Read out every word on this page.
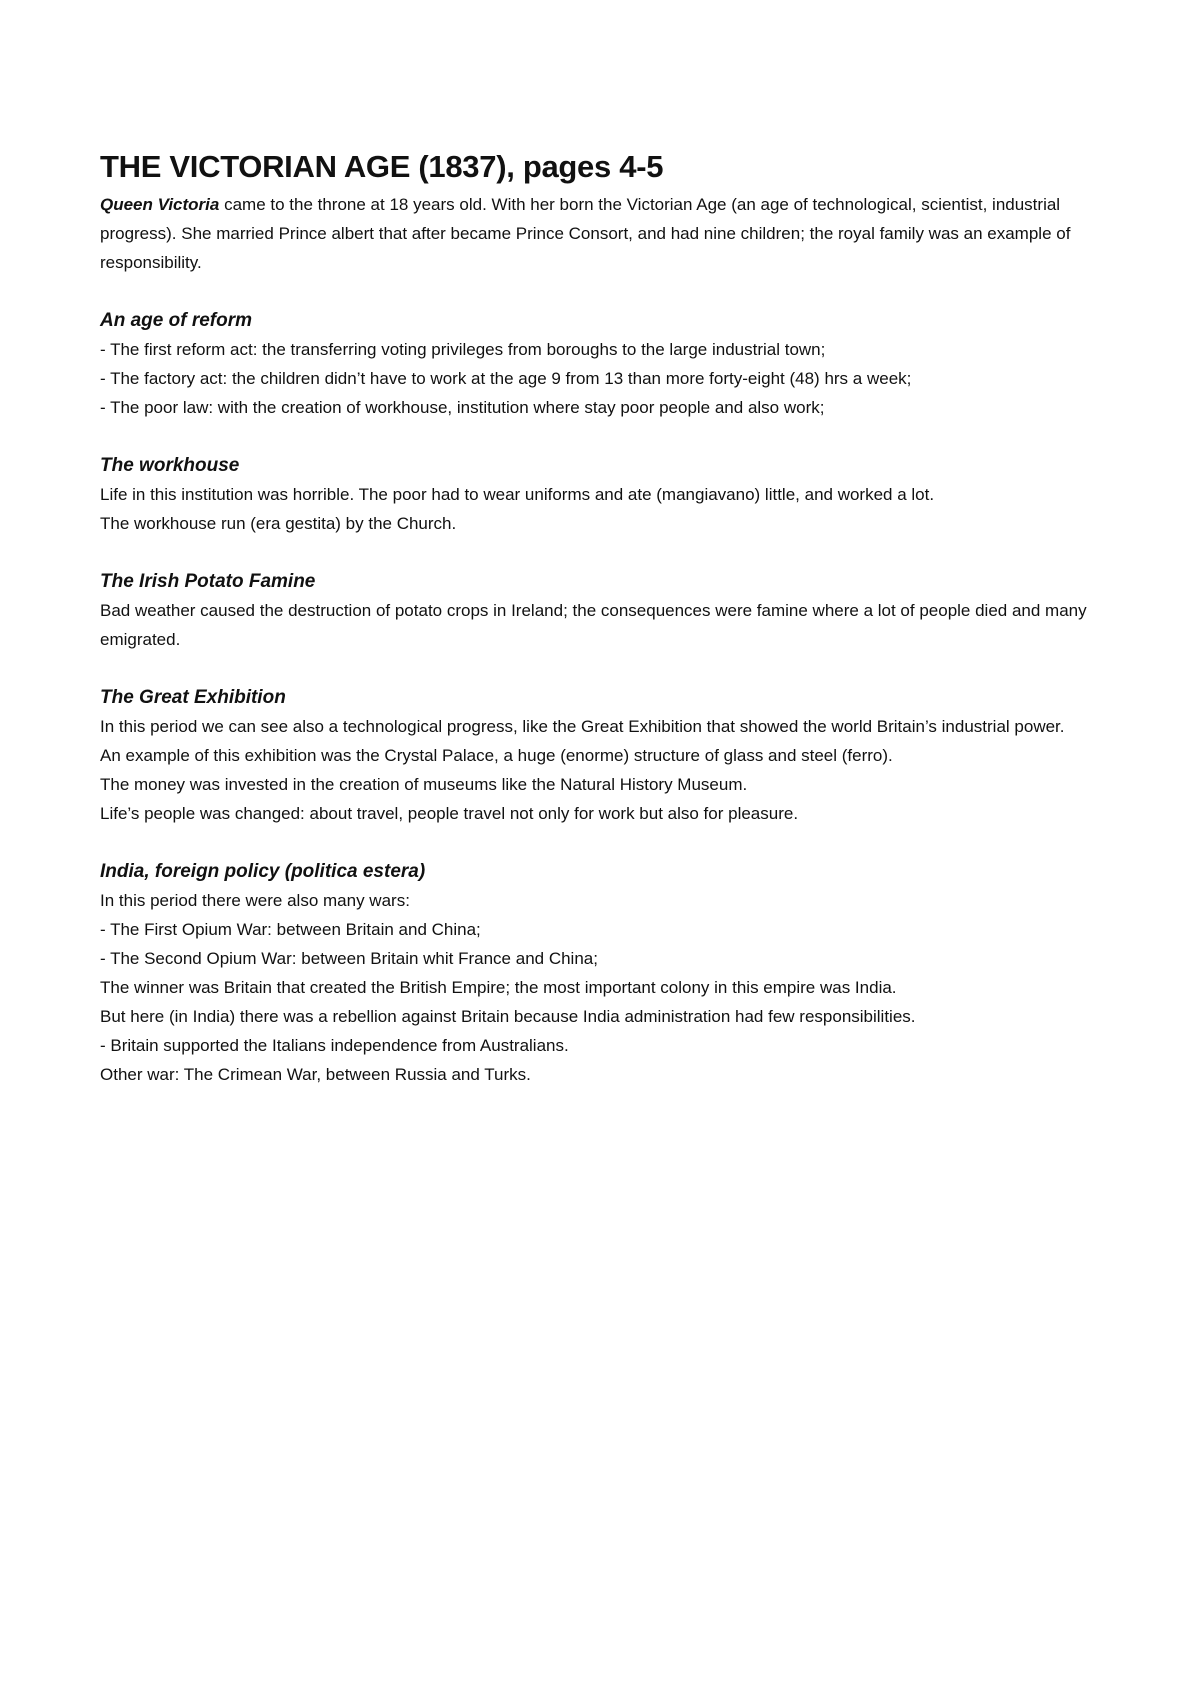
THE VICTORIAN AGE (1837), pages 4-5

Queen Victoria came to the throne at 18 years old. With her born the Victorian Age (an age of technological, scientist, industrial progress). She married Prince albert that after became Prince Consort, and had nine children; the royal family was an example of responsibility.

An age of reform

- The first reform act: the transferring voting privileges from boroughs to the large industrial town;

- The factory act: the children didn’t have to work at the age 9 from 13 than more forty-eight (48) hrs a week;

- The poor law: with the creation of workhouse, institution where stay poor people and also work;

The workhouse

Life in this institution was horrible. The poor had to wear uniforms and ate (mangiavano) little, and worked a lot.

The workhouse run (era gestita) by the Church.

The Irish Potato Famine

Bad weather caused the destruction of potato crops in Ireland; the consequences were famine where a lot of people died and many emigrated.

The Great Exhibition

In this period we can see also a technological progress, like the Great Exhibition that showed the world Britain’s industrial power.

An example of this exhibition was the Crystal Palace, a huge (enorme) structure of glass and steel (ferro).

The money was invested in the creation of museums like the Natural History Museum.

Life’s people was changed: about travel, people travel not only for work but also for pleasure.

India, foreign policy (politica estera)

In this period there were also many wars:

- The First Opium War: between Britain and China;

- The Second Opium War: between Britain whit France and China;

The winner was Britain that created the British Empire; the most important colony in this empire was India.

But here (in India) there was a rebellion against Britain because India administration had few responsibilities.

- Britain supported the Italians independence from Australians.

Other war: The Crimean War, between Russia and Turks.
